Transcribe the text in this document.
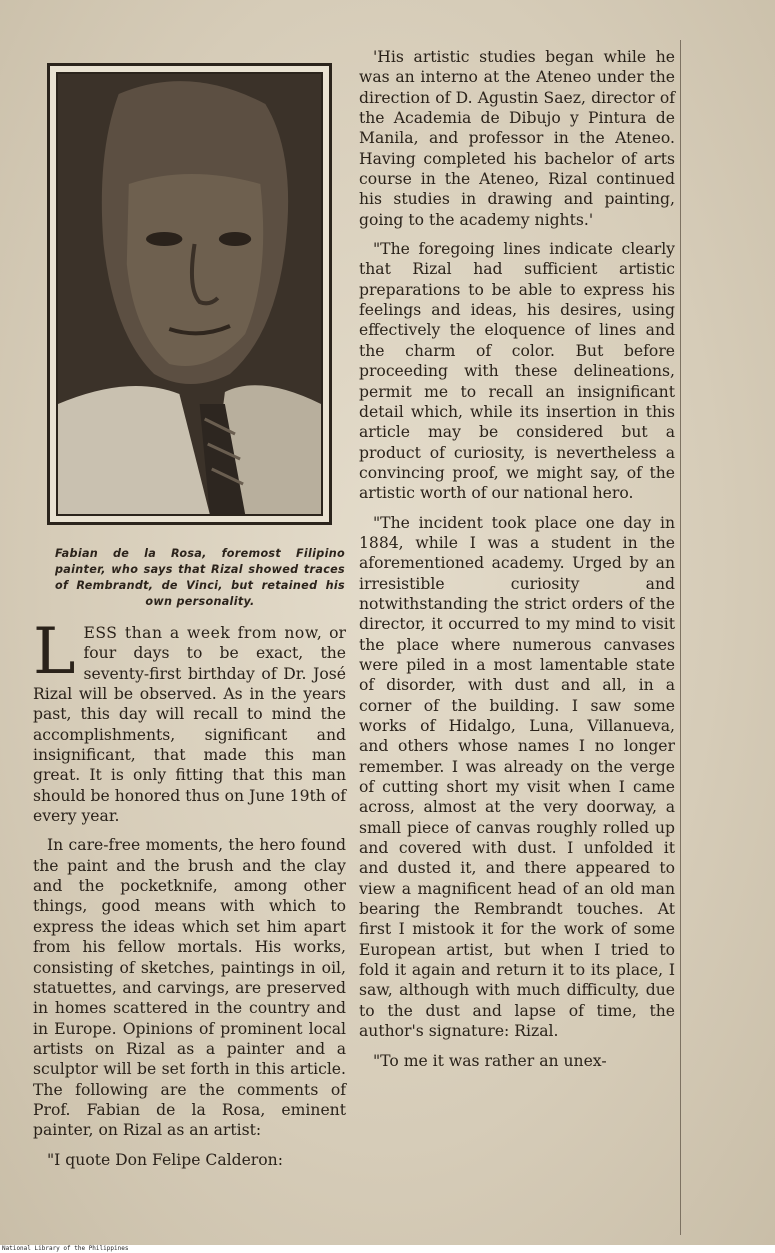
Fabian de la Rosa, foremost Filipino painter, who says that Rizal showed traces of Rembrandt, de Vinci, but retained his own personality.

LESS than a week from now, or four days to be exact, the seventy-first birthday of Dr. José Rizal will be observed. As in the years past, this day will recall to mind the accomplishments, significant and insignificant, that made this man great. It is only fitting that this man should be honored thus on June 19th of every year.

In care-free moments, the hero found the paint and the brush and the clay and the pocketknife, among other things, good means with which to express the ideas which set him apart from his fellow mortals. His works, consisting of sketches, paintings in oil, statuettes, and carvings, are preserved in homes scattered in the country and in Europe. Opinions of prominent local artists on Rizal as a painter and a sculptor will be set forth in this article. The following are the comments of Prof. Fabian de la Rosa, eminent painter, on Rizal as an artist:

"I quote Don Felipe Calderon:

'His artistic studies began while he was an interno at the Ateneo under the direction of D. Agustin Saez, director of the Academia de Dibujo y Pintura de Manila, and professor in the Ateneo. Having completed his bachelor of arts course in the Ateneo, Rizal continued his studies in drawing and painting, going to the academy nights.'

"The foregoing lines indicate clearly that Rizal had sufficient artistic preparations to be able to express his feelings and ideas, his desires, using effectively the eloquence of lines and the charm of color. But before proceeding with these delineations, permit me to recall an insignificant detail which, while its insertion in this article may be considered but a product of curiosity, is nevertheless a convincing proof, we might say, of the artistic worth of our national hero.

"The incident took place one day in 1884, while I was a student in the aforementioned academy. Urged by an irresistible curiosity and notwithstanding the strict orders of the director, it occurred to my mind to visit the place where numerous canvases were piled in a most lamentable state of disorder, with dust and all, in a corner of the building. I saw some works of Hidalgo, Luna, Villanueva, and others whose names I no longer remember. I was already on the verge of cutting short my visit when I came across, almost at the very doorway, a small piece of canvas roughly rolled up and covered with dust. I unfolded it and dusted it, and there appeared to view a magnificent head of an old man bearing the Rembrandt touches. At first I mistook it for the work of some European artist, but when I tried to fold it again and return it to its place, I saw, although with much difficulty, due to the dust and lapse of time, the author's signature: Rizal.

"To me it was rather an unex-

National Library of the Philippines
